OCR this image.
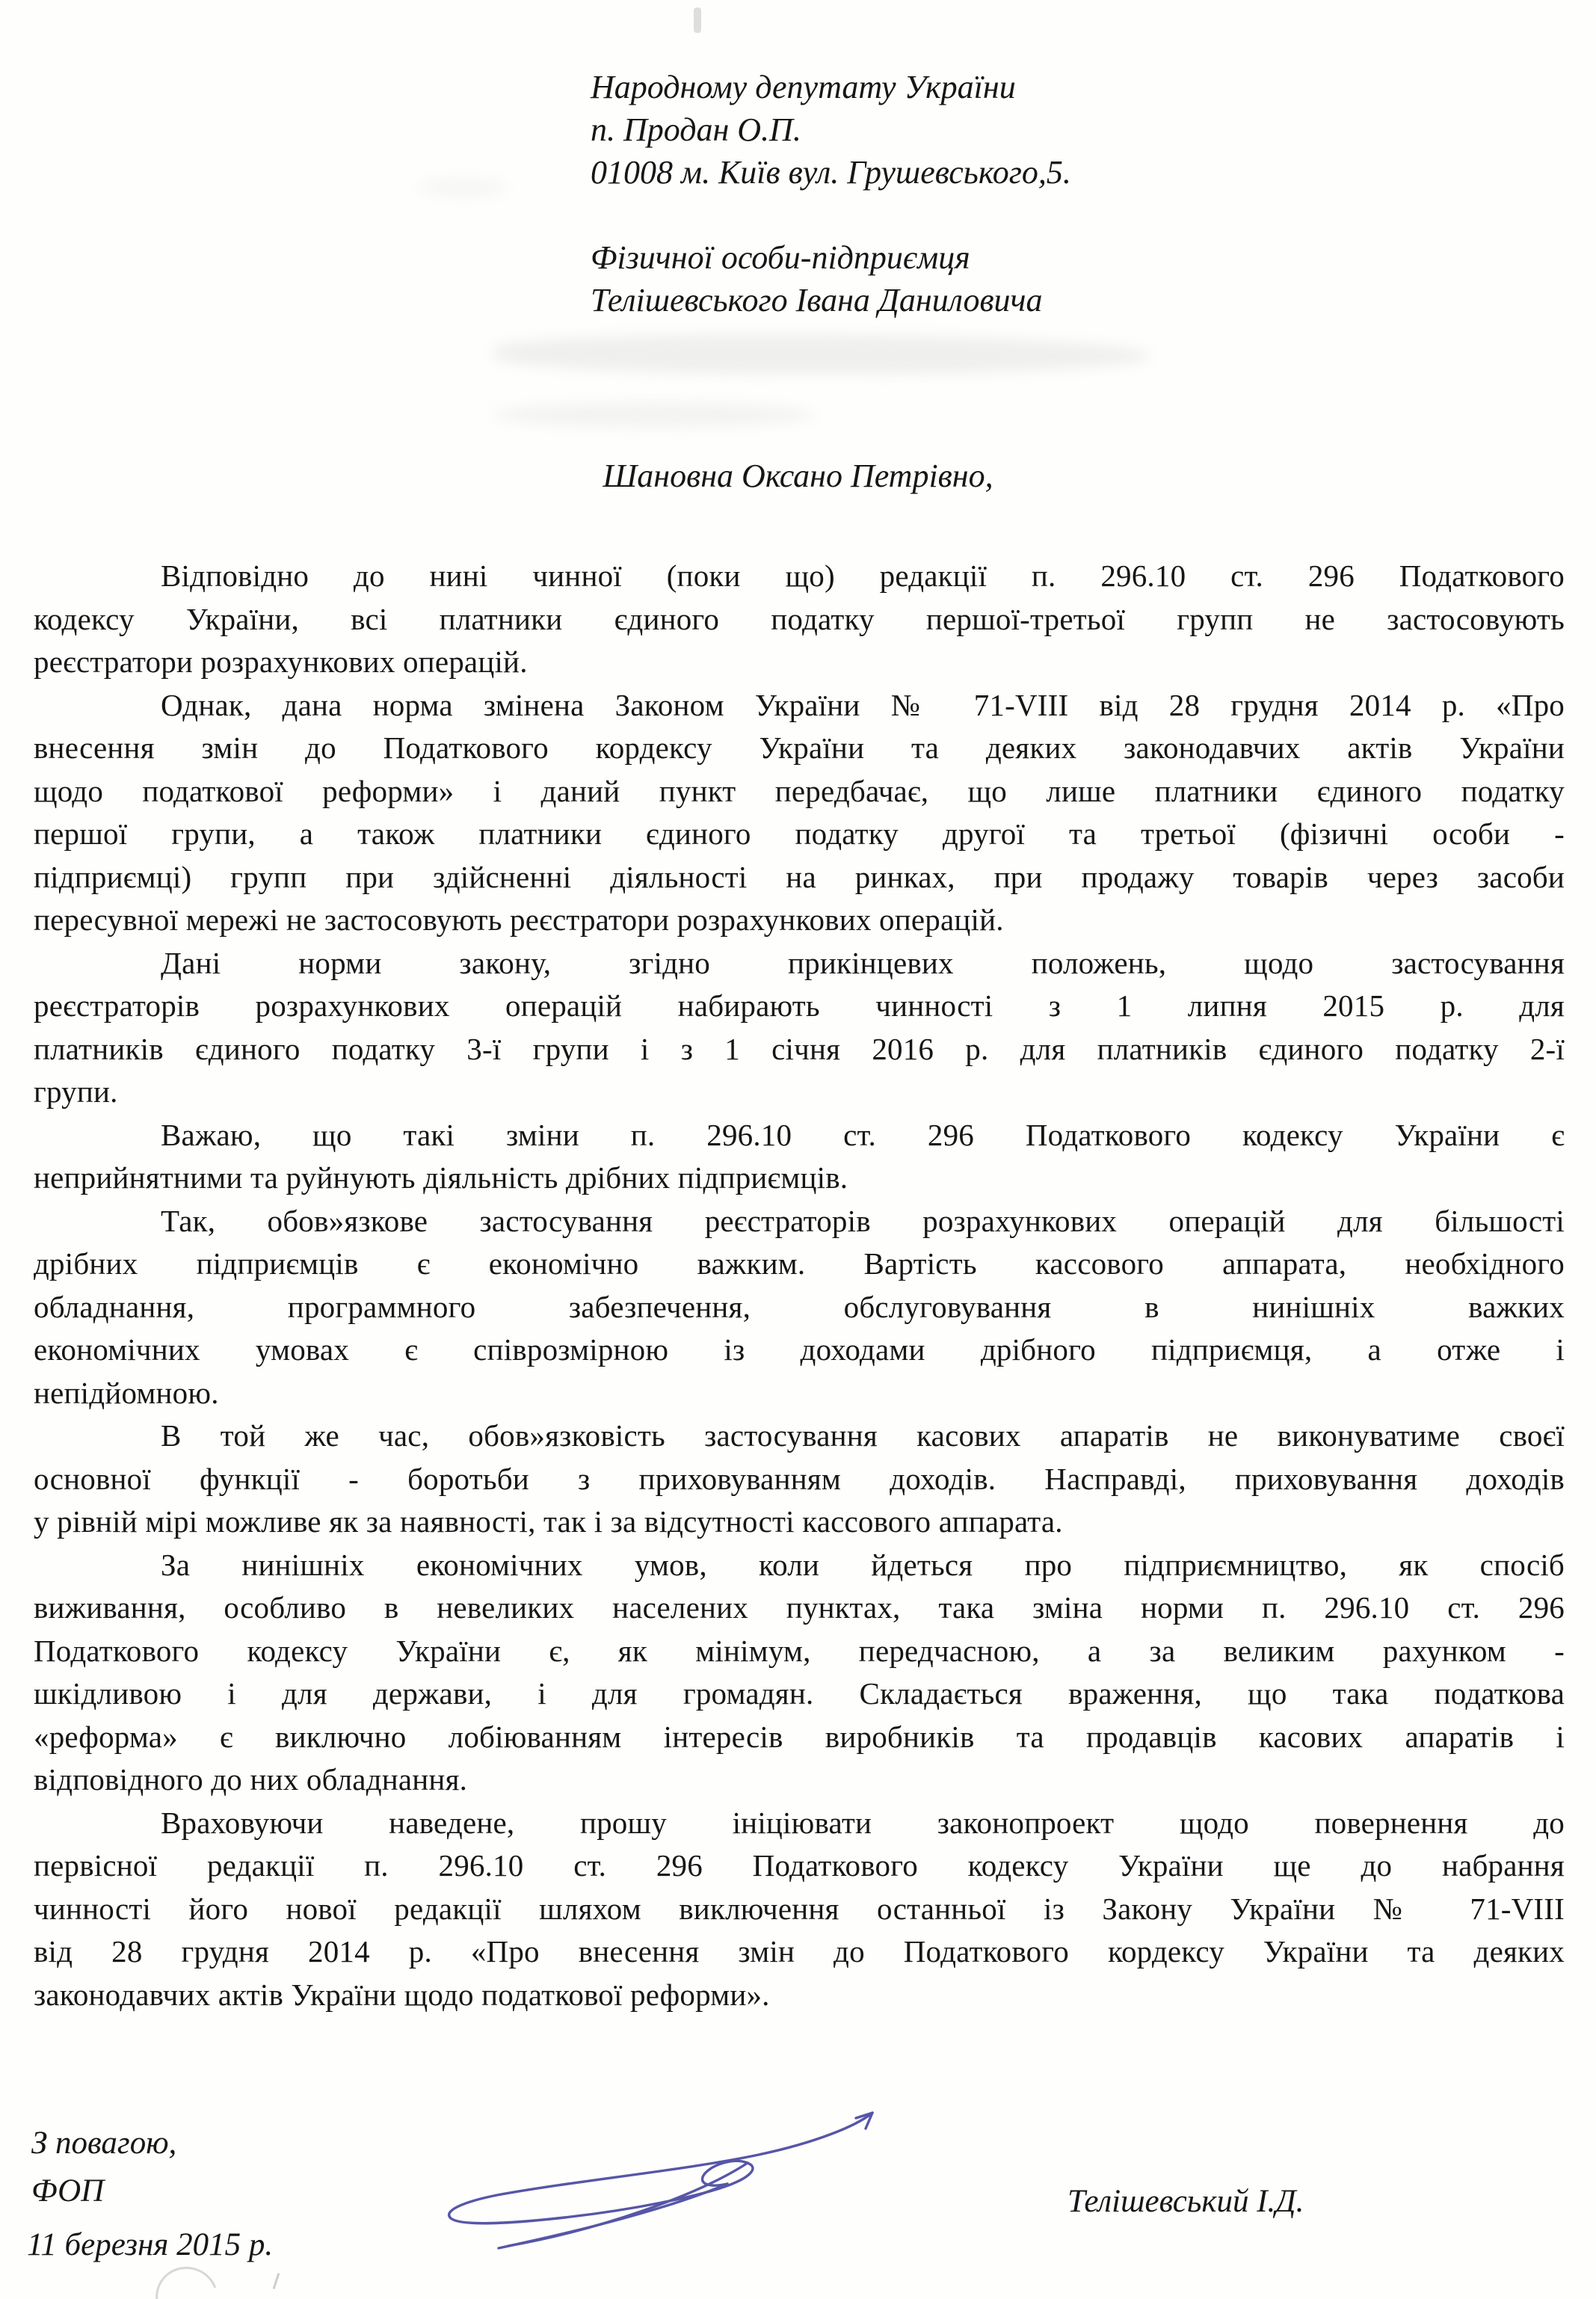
Народному депутату України
п. Продан О.П.
01008 м. Київ вул. Грушевського,5.

Фізичної особи-підприємця
Телішевського Івана Даниловича
Шановна Оксано Петрівно,
Відповідно до нині чинної (поки що) редакції п. 296.10 ст. 296 Податкового
кодексу України, всі платники єдиного податку першої-третьої групп не застосовують
реєстратори розрахункових операцій.
Однак, дана норма змінена Законом України № 71-VIII від 28 грудня 2014 р. «Про
внесення змін до Податкового кордексу України та деяких законодавчих актів України
щодо податкової реформи» і даний пункт передбачає, що лише платники єдиного податку
першої групи, а також платники єдиного податку другої та третьої (фізичні особи -
підприємці) групп при здійсненні діяльності на ринках, при продажу товарів через засоби
пересувної мережі не застосовують реєстратори розрахункових операцій.
Дані норми закону, згідно прикінцевих положень, щодо застосування
реєстраторів розрахункових операцій набирають чинності з 1 липня 2015 р. для
платників єдиного податку 3-ї групи і з 1 січня 2016 р. для платників єдиного податку 2-ї
групи.
Важаю, що такі зміни п. 296.10 ст. 296 Податкового кодексу України є
неприйнятними та руйнують діяльність дрібних підприємців.
Так, обов»язкове застосування реєстраторів розрахункових операцій для більшості
дрібних підприємців є економічно важким. Вартість кассового аппарата, необхідного
обладнання, программного забезпечення, обслуговування в нинішніх важких
економічних умовах є співрозмірною із доходами дрібного підприємця, а отже і
непідйомною.
В той же час, обов»язковість застосування касових апаратів не виконуватиме своєї
основної функції - боротьби з приховуванням доходів. Насправді, приховування доходів
у рівній мірі можливе як за наявності, так і за відсутності кассового аппарата.
За нинішніх економічних умов, коли йдеться про підприємництво, як спосіб
виживання, особливо в невеликих населених пунктах, така зміна норми п. 296.10 ст. 296
Податкового кодексу України є, як мінімум, передчасною, а за великим рахунком -
шкідливою і для держави, і для громадян. Складається враження, що така податкова
«реформа» є виключно лобіюванням інтересів виробників та продавців касових апаратів і
відповідного до них обладнання.
Враховуючи наведене, прошу ініціювати законопроект щодо повернення до
первісної редакції п. 296.10 ст. 296 Податкового кодексу України ще до набрання
чинності його нової редакції шляхом виключення останньої із Закону України № 71-VIII
від 28 грудня 2014 р. «Про внесення змін до Податкового кордексу України та деяких
законодавчих актів України щодо податкової реформи».
З повагою,
ФОП	Телішевський І.Д.
11 березня 2015 р.
